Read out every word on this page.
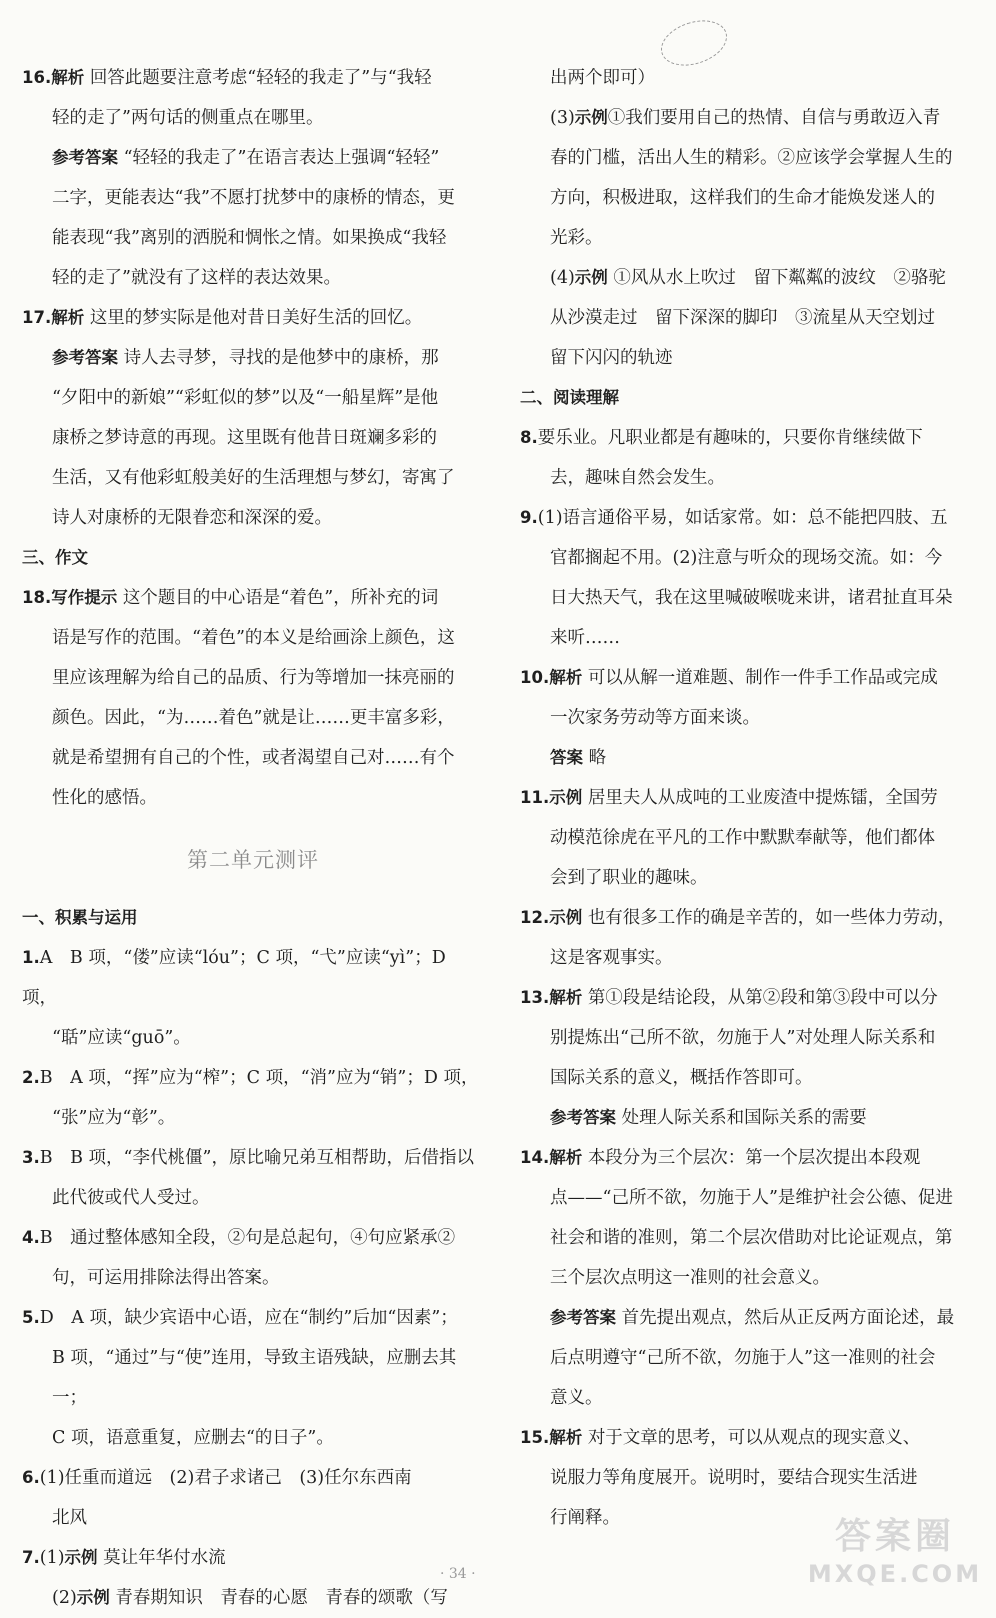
16.解析 回答此题要注意考虑“轻轻的我走了”与“我轻

轻的走了”两句话的侧重点在哪里。

参考答案 “轻轻的我走了”在语言表达上强调“轻轻”

二字，更能表达“我”不愿打扰梦中的康桥的情态，更

能表现“我”离别的洒脱和惆怅之情。如果换成“我轻

轻的走了”就没有了这样的表达效果。

17.解析 这里的梦实际是他对昔日美好生活的回忆。

参考答案 诗人去寻梦，寻找的是他梦中的康桥，那

“夕阳中的新娘”“彩虹似的梦”以及“一船星辉”是他

康桥之梦诗意的再现。这里既有他昔日斑斓多彩的

生活，又有他彩虹般美好的生活理想与梦幻，寄寓了

诗人对康桥的无限眷恋和深深的爱。

三、作文

18.写作提示 这个题目的中心语是“着色”，所补充的词

语是写作的范围。“着色”的本义是给画涂上颜色，这

里应该理解为给自己的品质、行为等增加一抹亮丽的

颜色。因此，“为……着色”就是让……更丰富多彩，

就是希望拥有自己的个性，或者渴望自己对……有个

性化的感悟。

第二单元测评

一、积累与运用

1.A　 B 项，“偻”应读“lóu”；C 项，“弋”应读“yì”；D 项，

“聒”应读“guō”。

2.B　 A 项，“挥”应为“榨”；C 项，“消”应为“销”；D 项，

“张”应为“彰”。

3.B　 B 项，“李代桃僵”，原比喻兄弟互相帮助，后借指以

此代彼或代人受过。

4.B　 通过整体感知全段，②句是总起句，④句应紧承②

句，可运用排除法得出答案。

5.D　 A 项，缺少宾语中心语，应在“制约”后加“因素”；

B 项，“通过”与“使”连用，导致主语残缺，应删去其一；

C 项，语意重复，应删去“的日子”。

6.(1)任重而道远　(2)君子求诸己　(3)任尔东西南

北风

7.(1)示例 莫让年华付水流

(2)示例 青春期知识　青春的心愿　青春的颂歌（写

出两个即可）

(3)示例①我们要用自己的热情、自信与勇敢迈入青

春的门槛，活出人生的精彩。②应该学会掌握人生的

方向，积极进取，这样我们的生命才能焕发迷人的

光彩。

(4)示例 ①风从水上吹过　留下粼粼的波纹　②骆驼

从沙漠走过　留下深深的脚印　③流星从天空划过

留下闪闪的轨迹

二、阅读理解

8.要乐业。凡职业都是有趣味的，只要你肯继续做下

去，趣味自然会发生。

9.(1)语言通俗平易，如话家常。如：总不能把四肢、五

官都搁起不用。(2)注意与听众的现场交流。如：今

日大热天气，我在这里喊破喉咙来讲，诸君扯直耳朵

来听……

10.解析 可以从解一道难题、制作一件手工作品或完成

一次家务劳动等方面来谈。

答案 略

11.示例 居里夫人从成吨的工业废渣中提炼镭，全国劳

动模范徐虎在平凡的工作中默默奉献等，他们都体

会到了职业的趣味。

12.示例 也有很多工作的确是辛苦的，如一些体力劳动，

这是客观事实。

13.解析 第①段是结论段，从第②段和第③段中可以分

别提炼出“己所不欲，勿施于人”对处理人际关系和

国际关系的意义，概括作答即可。

参考答案 处理人际关系和国际关系的需要

14.解析 本段分为三个层次：第一个层次提出本段观

点——“己所不欲，勿施于人”是维护社会公德、促进

社会和谐的准则，第二个层次借助对比论证观点，第

三个层次点明这一准则的社会意义。

参考答案 首先提出观点，然后从正反两方面论述，最

后点明遵守“己所不欲，勿施于人”这一准则的社会

意义。

15.解析 对于文章的思考，可以从观点的现实意义、

说服力等角度展开。说明时，要结合现实生活进

行阐释。

· 34 ·
答案圈
MXQE.COM
